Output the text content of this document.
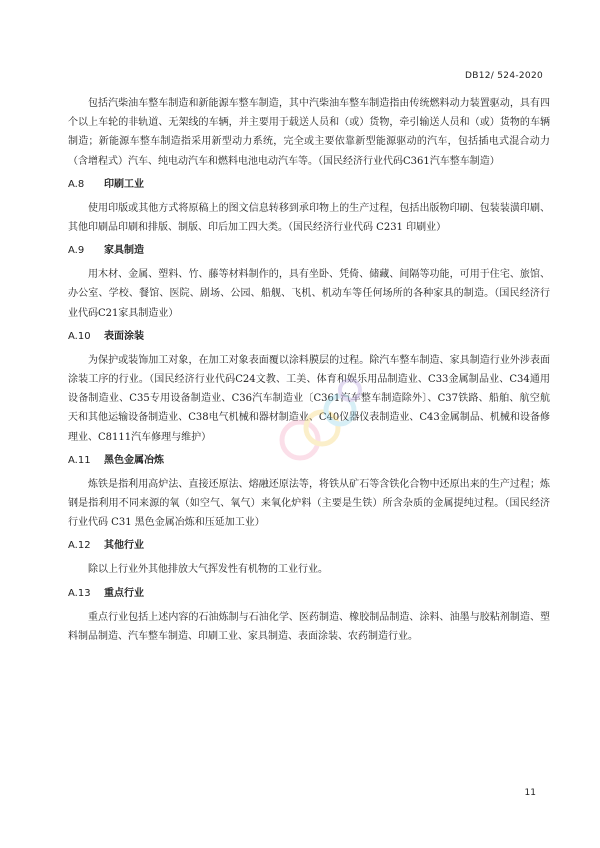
DB12/ 524-2020

包括汽柴油车整车制造和新能源车整车制造，其中汽柴油车整车制造指由传统燃料动力装置驱动，具有四个以上车轮的非轨道、无架线的车辆，并主要用于载送人员和（或）货物，牵引输送人员和（或）货物的车辆制造；新能源车整车制造指采用新型动力系统，完全或主要依靠新型能源驱动的汽车，包括插电式混合动力（含增程式）汽车、纯电动汽车和燃料电池电动汽车等。（国民经济行业代码C361汽车整车制造）

A.8 印刷工业

使用印版或其他方式将原稿上的图文信息转移到承印物上的生产过程，包括出版物印刷、包装装潢印刷、其他印刷品印刷和排版、制版、印后加工四大类。（国民经济行业代码 C231 印刷业）

A.9 家具制造

用木材、金属、塑料、竹、藤等材料制作的，具有坐卧、凭倚、储藏、间隔等功能，可用于住宅、旅馆、办公室、学校、餐馆、医院、剧场、公园、船舰、飞机、机动车等任何场所的各种家具的制造。（国民经济行业代码C21家具制造业）

A.10 表面涂装

为保护或装饰加工对象，在加工对象表面覆以涂料膜层的过程。除汽车整车制造、家具制造行业外涉表面涂装工序的行业。（国民经济行业代码C24文教、工美、体育和娱乐用品制造业、C33金属制品业、C34通用设备制造业、C35专用设备制造业、C36汽车制造业〔C361汽车整车制造除外〕、C37铁路、船舶、航空航天和其他运输设备制造业、C38电气机械和器材制造业、C40仪器仪表制造业、C43金属制品、机械和设备修理业、C8111汽车修理与维护）

A.11 黑色金属冶炼

炼铁是指利用高炉法、直接还原法、熔融还原法等，将铁从矿石等含铁化合物中还原出来的生产过程；炼钢是指利用不同来源的氧（如空气、氧气）来氧化炉料（主要是生铁）所含杂质的金属提纯过程。（国民经济行业代码 C31 黑色金属冶炼和压延加工业）

A.12 其他行业

除以上行业外其他排放大气挥发性有机物的工业行业。

A.13 重点行业

重点行业包括上述内容的石油炼制与石油化学、医药制造、橡胶制品制造、涂料、油墨与胶粘剂制造、塑料制品制造、汽车整车制造、印刷工业、家具制造、表面涂装、农药制造行业。

11
